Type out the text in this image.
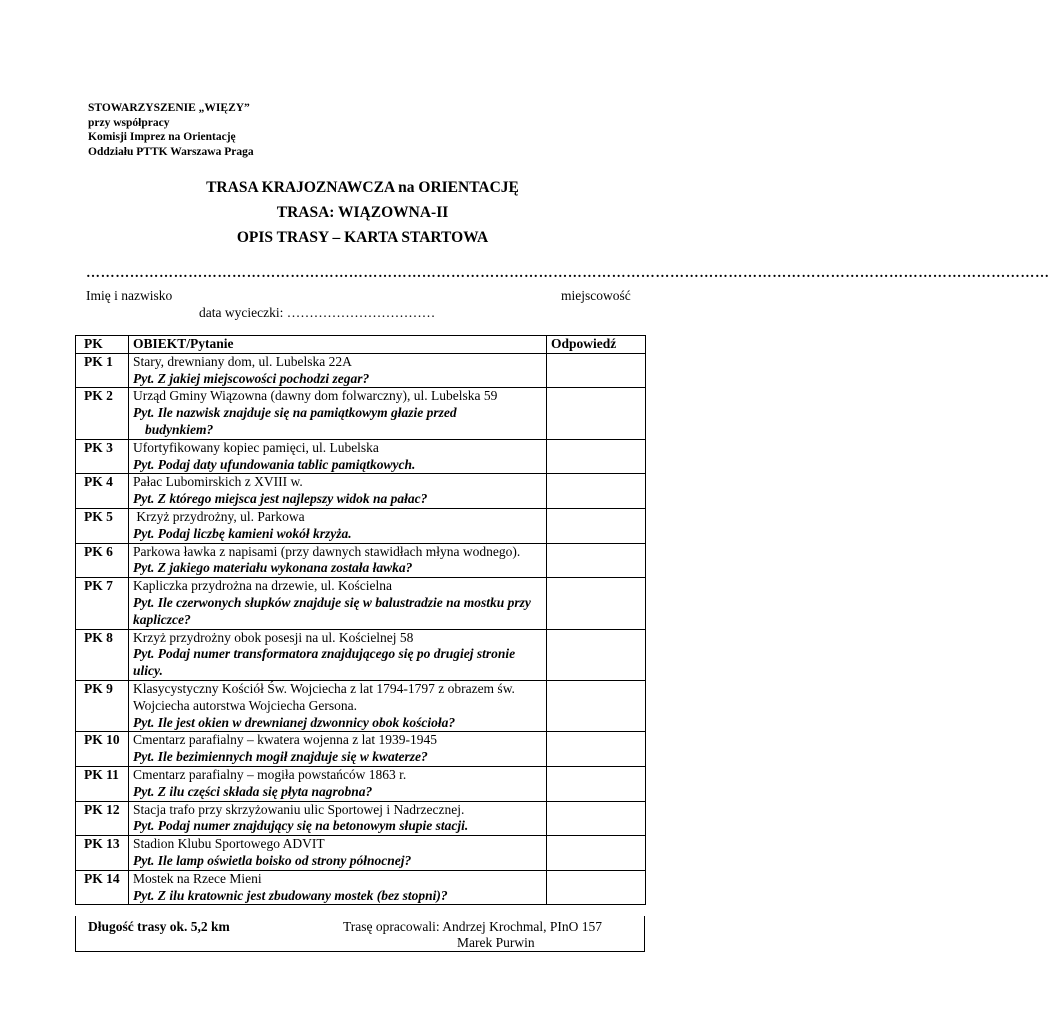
STOWARZYSZENIE „WIĘZY”
przy współpracy
Komisji Imprez na Orientację
Oddziału PTTK Warszawa Praga
TRASA KRAJOZNAWCZA na ORIENTACJĘ
TRASA: WIĄZOWNA-II
OPIS TRASY – KARTA STARTOWA
………………………………………………………………………………………………………………………………………………………………………………
Imię i nazwisko	miejscowość
data wycieczki: ……………………………
PK	OBIEKT/Pytanie	Odpowiedź
PK 1	Stary, drewniany dom, ul. Lubelska 22A
Pyt. Z jakiej miejscowości pochodzi zegar?	

PK 2	Urząd Gminy Wiązowna (dawny dom folwarczny), ul. Lubelska 59
Pyt. Ile nazwisk znajduje się na pamiątkowym głazie przed
budynkiem?	

PK 3	Ufortyfikowany kopiec pamięci, ul. Lubelska
Pyt. Podaj daty ufundowania tablic pamiątkowych.	

PK 4	Pałac Lubomirskich z XVIII w.
Pyt. Z którego miejsca jest najlepszy widok na pałac?	

PK 5	Krzyż przydrożny, ul. Parkowa
Pyt. Podaj liczbę kamieni wokół krzyża.	

PK 6	Parkowa ławka z napisami (przy dawnych stawidłach młyna wodnego).
Pyt. Z jakiego materiału wykonana została ławka?	

PK 7	Kapliczka przydrożna na drzewie, ul. Kościelna
Pyt. Ile czerwonych słupków znajduje się w balustradzie na mostku przy kapliczce?	

PK 8	Krzyż przydrożny obok posesji na ul. Kościelnej 58
Pyt. Podaj numer transformatora znajdującego się po drugiej stronie ulicy.	

PK 9	Klasycystyczny Kościół Św. Wojciecha z lat 1794-1797 z obrazem św. Wojciecha autorstwa Wojciecha Gersona.
Pyt. Ile jest okien w drewnianej dzwonnicy obok kościoła?	

PK 10	Cmentarz parafialny – kwatera wojenna z lat 1939-1945
Pyt. Ile bezimiennych mogił znajduje się w kwaterze?	

PK 11	Cmentarz parafialny – mogiła powstańców 1863 r.
Pyt. Z ilu części składa się płyta nagrobna?	

PK 12	Stacja trafo przy skrzyżowaniu ulic Sportowej i Nadrzecznej.
Pyt. Podaj numer znajdujący się na betonowym słupie stacji.	

PK 13	Stadion Klubu Sportowego ADVIT
Pyt. Ile lamp oświetla boisko od strony północnej?	

PK 14	Mostek na Rzece Mieni
Pyt. Z ilu kratownic jest zbudowany mostek (bez stopni)?	

Długość trasy ok. 5,2 km	Trasę opracowali: Andrzej Krochmal, PInO 157
Marek Purwin
